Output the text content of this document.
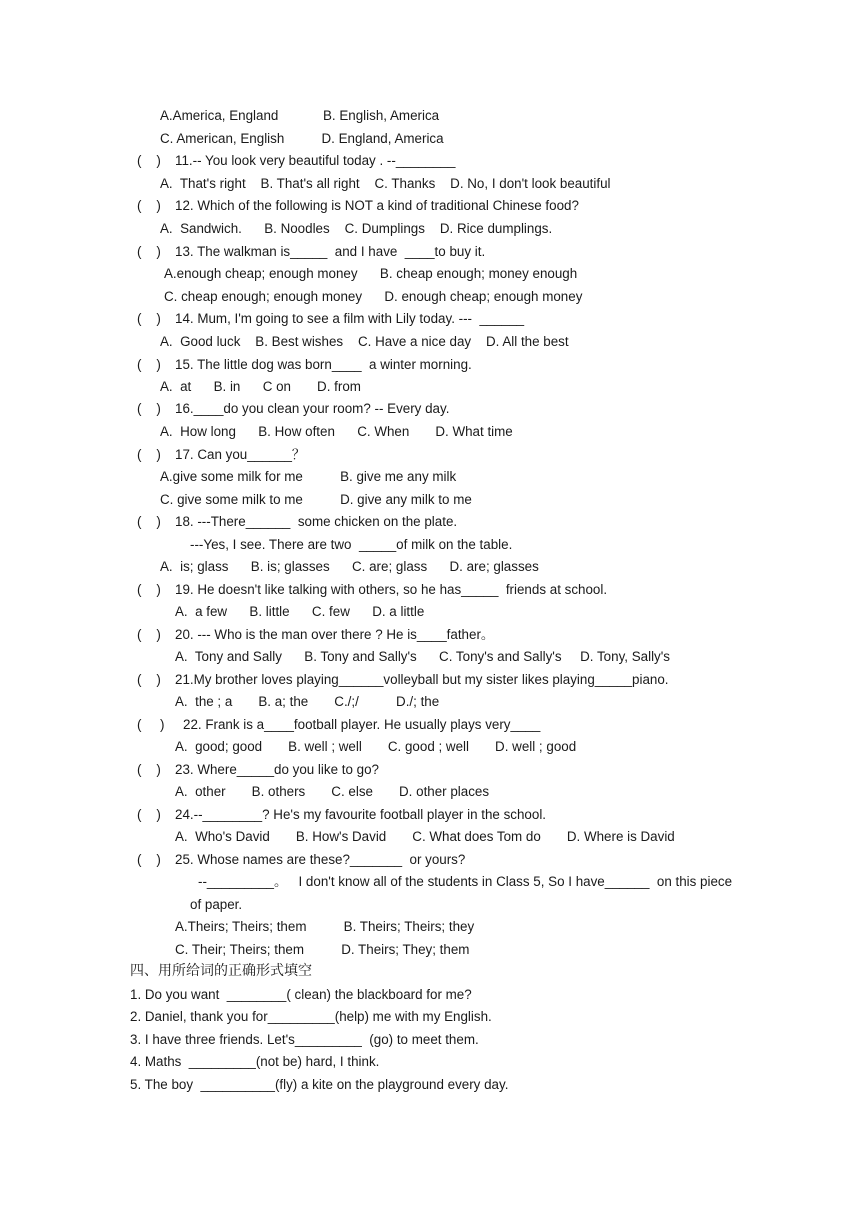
A.America, England            B. English, America
C. American, English          D. England, America
(    ) 11.-- You look very beautiful today . --________
A.  That's right    B. That's all right    C. Thanks    D. No, I don't look beautiful
(    ) 12. Which of the following is NOT a kind of traditional Chinese food?
A.  Sandwich.      B. Noodles    C. Dumplings    D. Rice dumplings.
(    ) 13. The walkman is_____  and I have  ____to buy it.
A.enough cheap; enough money      B. cheap enough; money enough
C. cheap enough; enough money      D. enough cheap; enough money
(    ) 14. Mum, I'm going to see a film with Lily today. ---  ______
A.  Good luck    B. Best wishes    C. Have a nice day    D. All the best
(    ) 15. The little dog was born____  a winter morning.
A.  at      B. in      C on       D. from
(    ) 16.____do you clean your room? -- Every day.
A.  How long      B. How often      C. When       D. What time
(    ) 17. Can you______？
A.give some milk for me          B. give me any milk
C. give some milk to me          D. give any milk to me
(    ) 18. ---There______  some chicken on the plate.
---Yes, I see. There are two  _____of milk on the table.
A.  is; glass      B. is; glasses      C. are; glass      D. are; glasses
(    ) 19. He doesn't like talking with others, so he has_____  friends at school.
A.  a few      B. little      C. few      D. a little
(    ) 20. --- Who is the man over there ? He is____father。
A.  Tony and Sally      B. Tony and Sally's      C. Tony's and Sally's     D. Tony, Sally's
(    ) 21.My brother loves playing______volleyball but my sister likes playing_____piano.
A.  the ; a       B. a; the       C./;/          D./; the
(     ) 22. Frank is a____football player. He usually plays very____
A.  good; good       B. well ; well       C. good ; well       D. well ; good
(    ) 23. Where_____do you like to go?
A.  other       B. others       C. else       D. other places
(    ) 24.--________? He's my favourite football player in the school.
A.  Who's David       B. How's David       C. What does Tom do       D. Where is David
(    ) 25. Whose names are these?_______  or yours?
--_________。   I don't know all of the students in Class 5, So I have______  on this piece
of paper.
A.Theirs; Theirs; them          B. Theirs; Theirs; they
C. Their; Theirs; them          D. Theirs; They; them
四、用所给词的正确形式填空
1. Do you want  ________( clean) the blackboard for me?
2. Daniel, thank you for_________(help) me with my English.
3. I have three friends. Let's_________  (go) to meet them.
4. Maths  _________(not be) hard, I think.
5. The boy  __________(fly) a kite on the playground every day.
